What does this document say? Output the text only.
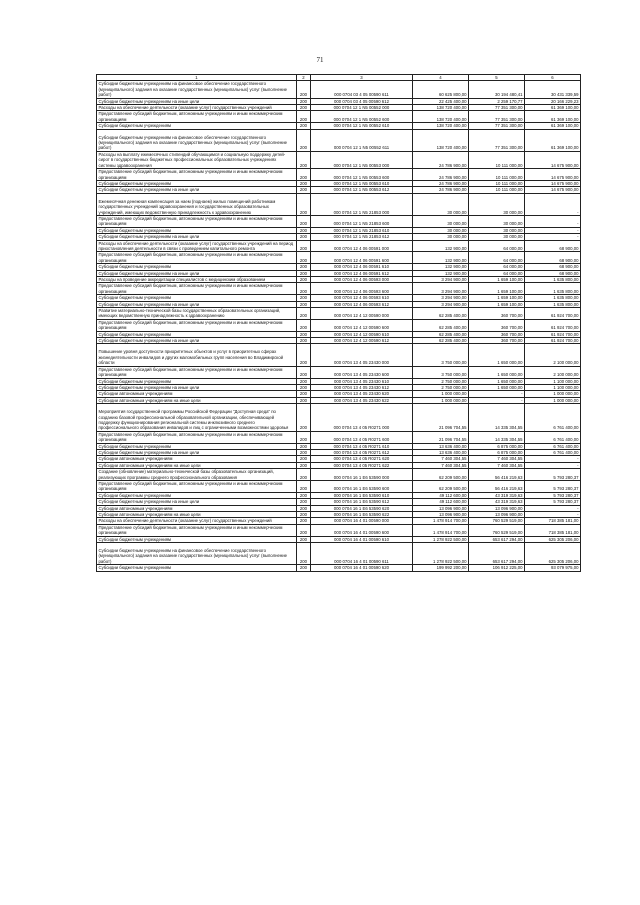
71
1	2	3	4	5	6
Субсидии бюджетным учреждениям на финансовое обеспечение государственного (муниципального) задания на оказание государственных (муниципальных) услуг (выполнение работ)	200	000 0704 03 4 05 00590 611	60 625 800,00	30 194 480,41	30 431 339,59
Субсидии бюджетным учреждениям на иные цели	200	000 0704 03 4 05 00590 612	22 425 400,00	2 259 170,77	20 166 229,23
Расходы на обеспечение деятельности (оказание услуг) государственных учреждений	200	000 0704 12 1 N5 00552 000	138 720 400,00	77 351 300,00	61 369 100,00
Предоставление субсидий бюджетным, автономным учреждениям и иным некоммерческим организациям	200	000 0704 12 1 N5 00552 600	138 720 400,00	77 351 300,00	61 369 100,00
Субсидии бюджетным учреждениям	200	000 0704 12 1 N5 00552 610	138 720 400,00	77 351 300,00	61 369 100,00
Субсидии бюджетным учреждениям на финансовое обеспечение государственного (муниципального) задания на оказание государственных (муниципальных) услуг (выполнение работ)	200	000 0704 12 1 N5 00552 611	138 720 400,00	77 351 300,00	61 369 100,00
Расходы на выплату ежемесячных стипендий обучающимся и социальную поддержку детей-сирот в государственных бюджетных профессиональных образовательных учреждениях системы здравоохранения	200	000 0704 12 1 N5 00553 000	24 786 900,00	10 111 000,00	14 675 900,00
Предоставление субсидий бюджетным, автономным учреждениям и иным некоммерческим организациям	200	000 0704 12 1 N5 00553 600	24 786 900,00	10 111 000,00	14 675 900,00
Субсидии бюджетным учреждениям	200	000 0704 12 1 N5 00553 610	24 786 900,00	10 111 000,00	14 675 900,00
Субсидии бюджетным учреждениям на иные цели	200	000 0704 12 1 N5 00553 612	24 786 900,00	10 111 000,00	14 675 900,00
Ежемесячная денежная компенсация за наем (поднаем) жилых помещений работникам государственных учреждений здравоохранения и государственных образовательных учреждений, имеющих ведомственную принадлежность к здравоохранению	200	000 0704 12 1 N5 21853 000	30 000,00	30 000,00	-
Предоставление субсидий бюджетным, автономным учреждениям и иным некоммерческим организациям	200	000 0704 12 1 N5 21853 600	30 000,00	30 000,00	-
Субсидии бюджетным учреждениям	200	000 0704 12 1 N5 21853 610	30 000,00	30 000,00	-
Субсидии бюджетным учреждениям на иные цели	200	000 0704 12 1 N5 21853 612	30 000,00	30 000,00	-
Расходы на обеспечение деятельности (оказание услуг) государственных учреждений на период приостановления деятельности в связи с проведением капитального ремонта	200	000 0704 12 4 06 00591 000	132 900,00	64 000,00	68 900,00
Предоставление субсидий бюджетным, автономным учреждениям и иным некоммерческим организациям	200	000 0704 12 4 06 00591 600	132 900,00	64 000,00	68 900,00
Субсидии бюджетным учреждениям	200	000 0704 12 4 06 00591 610	132 900,00	64 000,00	68 900,00
Субсидии бюджетным учреждениям на иные цели	200	000 0704 12 4 06 00591 612	132 900,00	64 000,00	68 900,00
Расходы на проведение аккредитации специалистов с медицинским образованием	200	000 0704 12 4 06 00593 000	3 294 900,00	1 659 100,00	1 635 800,00
Предоставление субсидий бюджетным, автономным учреждениям и иным некоммерческим организациям	200	000 0704 12 4 06 00593 600	3 294 900,00	1 659 100,00	1 635 800,00
Субсидии бюджетным учреждениям	200	000 0704 12 4 06 00593 610	3 294 900,00	1 659 100,00	1 635 800,00
Субсидии бюджетным учреждениям на иные цели	200	000 0704 12 4 06 00593 612	3 294 900,00	1 659 100,00	1 635 800,00
Развитие материально-технической базы государственных образовательных организаций, имеющих ведомственную принадлежность к здравоохранению	200	000 0704 12 4 12 00590 000	62 285 400,00	360 700,00	61 924 700,00
Предоставление субсидий бюджетным, автономным учреждениям и иным некоммерческим организациям	200	000 0704 12 4 12 00590 600	62 285 400,00	360 700,00	61 924 700,00
Субсидии бюджетным учреждениям	200	000 0704 12 4 12 00590 610	62 285 400,00	360 700,00	61 924 700,00
Субсидии бюджетным учреждениям на иные цели	200	000 0704 12 4 12 00590 612	62 285 400,00	360 700,00	61 924 700,00
Повышение уровня доступности приоритетных объектов и услуг в приоритетных сферах жизнедеятельности инвалидов и других маломобильных групп населения во Владимирской области	200	000 0704 13 4 05 23430 000	3 750 000,00	1 650 000,00	2 100 000,00
Предоставление субсидий бюджетным, автономным учреждениям и иным некоммерческим организациям	200	000 0704 13 4 05 23430 600	3 750 000,00	1 650 000,00	2 100 000,00
Субсидии бюджетным учреждениям	200	000 0704 13 4 05 23430 610	2 750 000,00	1 650 000,00	1 100 000,00
Субсидии бюджетным учреждениям на иные цели	200	000 0704 13 4 05 23430 612	2 750 000,00	1 650 000,00	1 100 000,00
Субсидии автономным учреждениям	200	000 0704 13 4 05 23430 620	1 000 000,00	-	1 000 000,00
Субсидии автономным учреждениям на иные цели	200	000 0704 13 4 05 23430 622	1 000 000,00	-	1 000 000,00
Мероприятия государственной программы Российской Федерации "Доступная среда" по созданию базовой профессиональной образовательной организации, обеспечивающей поддержку функционирования региональной системы инклюзивного среднего профессионального образования инвалидов и лиц с ограниченными возможностями здоровья	200	000 0704 13 4 05 R0271 000	21 096 704,55	14 335 304,55	6 761 400,00
Предоставление субсидий бюджетным, автономным учреждениям и иным некоммерческим организациям	200	000 0704 13 4 05 R0271 600	21 096 704,55	14 335 304,55	6 761 400,00
Субсидии бюджетным учреждениям	200	000 0704 13 4 05 R0271 610	13 636 400,00	6 875 000,00	6 761 400,00
Субсидии бюджетным учреждениям на иные цели	200	000 0704 13 4 05 R0271 612	13 636 400,00	6 875 000,00	6 761 400,00
Субсидии автономным учреждениям	200	000 0704 13 4 05 R0271 620	7 460 304,55	7 460 304,55	-
Субсидии автономным учреждениям на иные цели	200	000 0704 13 4 05 R0271 622	7 460 304,55	7 460 304,55	-
Создание (обновление) материально-технической базы образовательных организаций, реализующих программы среднего профессионального образования	200	000 0704 16 1 E6 53590 000	62 209 500,00	56 416 219,63	5 793 280,37
Предоставление субсидий бюджетным, автономным учреждениям и иным некоммерческим организациям	200	000 0704 16 1 E6 53590 600	62 209 500,00	56 416 219,63	5 793 280,37
Субсидии бюджетным учреждениям	200	000 0704 16 1 E6 53590 610	49 112 600,00	43 319 319,63	5 793 280,37
Субсидии бюджетным учреждениям на иные цели	200	000 0704 16 1 E6 53590 612	49 112 600,00	43 319 319,63	5 793 280,37
Субсидии автономным учреждениям	200	000 0704 16 1 E6 53590 620	13 096 900,00	13 096 900,00	-
Субсидии автономным учреждениям на иные цели	200	000 0704 16 1 E6 53590 622	13 096 900,00	13 096 900,00	-
Расходы на обеспечение деятельности (оказание услуг) государственных учреждений	200	000 0704 16 4 01 00590 000	1 478 914 700,00	760 529 519,00	718 385 181,00
Предоставление субсидий бюджетным, автономным учреждениям и иным некоммерческим организациям	200	000 0704 16 4 01 00590 600	1 478 914 700,00	760 529 519,00	718 385 181,00
Субсидии бюджетным учреждениям	200	000 0704 16 4 01 00590 610	1 278 922 500,00	653 617 294,00	625 305 206,00
Субсидии бюджетным учреждениям на финансовое обеспечение государственного (муниципального) задания на оказание государственных (муниципальных) услуг (выполнение работ)	200	000 0704 16 4 01 00590 611	1 278 922 500,00	653 617 294,00	625 305 206,00
Субсидии бюджетным учреждениям	200	000 0704 16 4 01 00590 620	199 992 200,00	106 912 225,00	93 079 975,00
